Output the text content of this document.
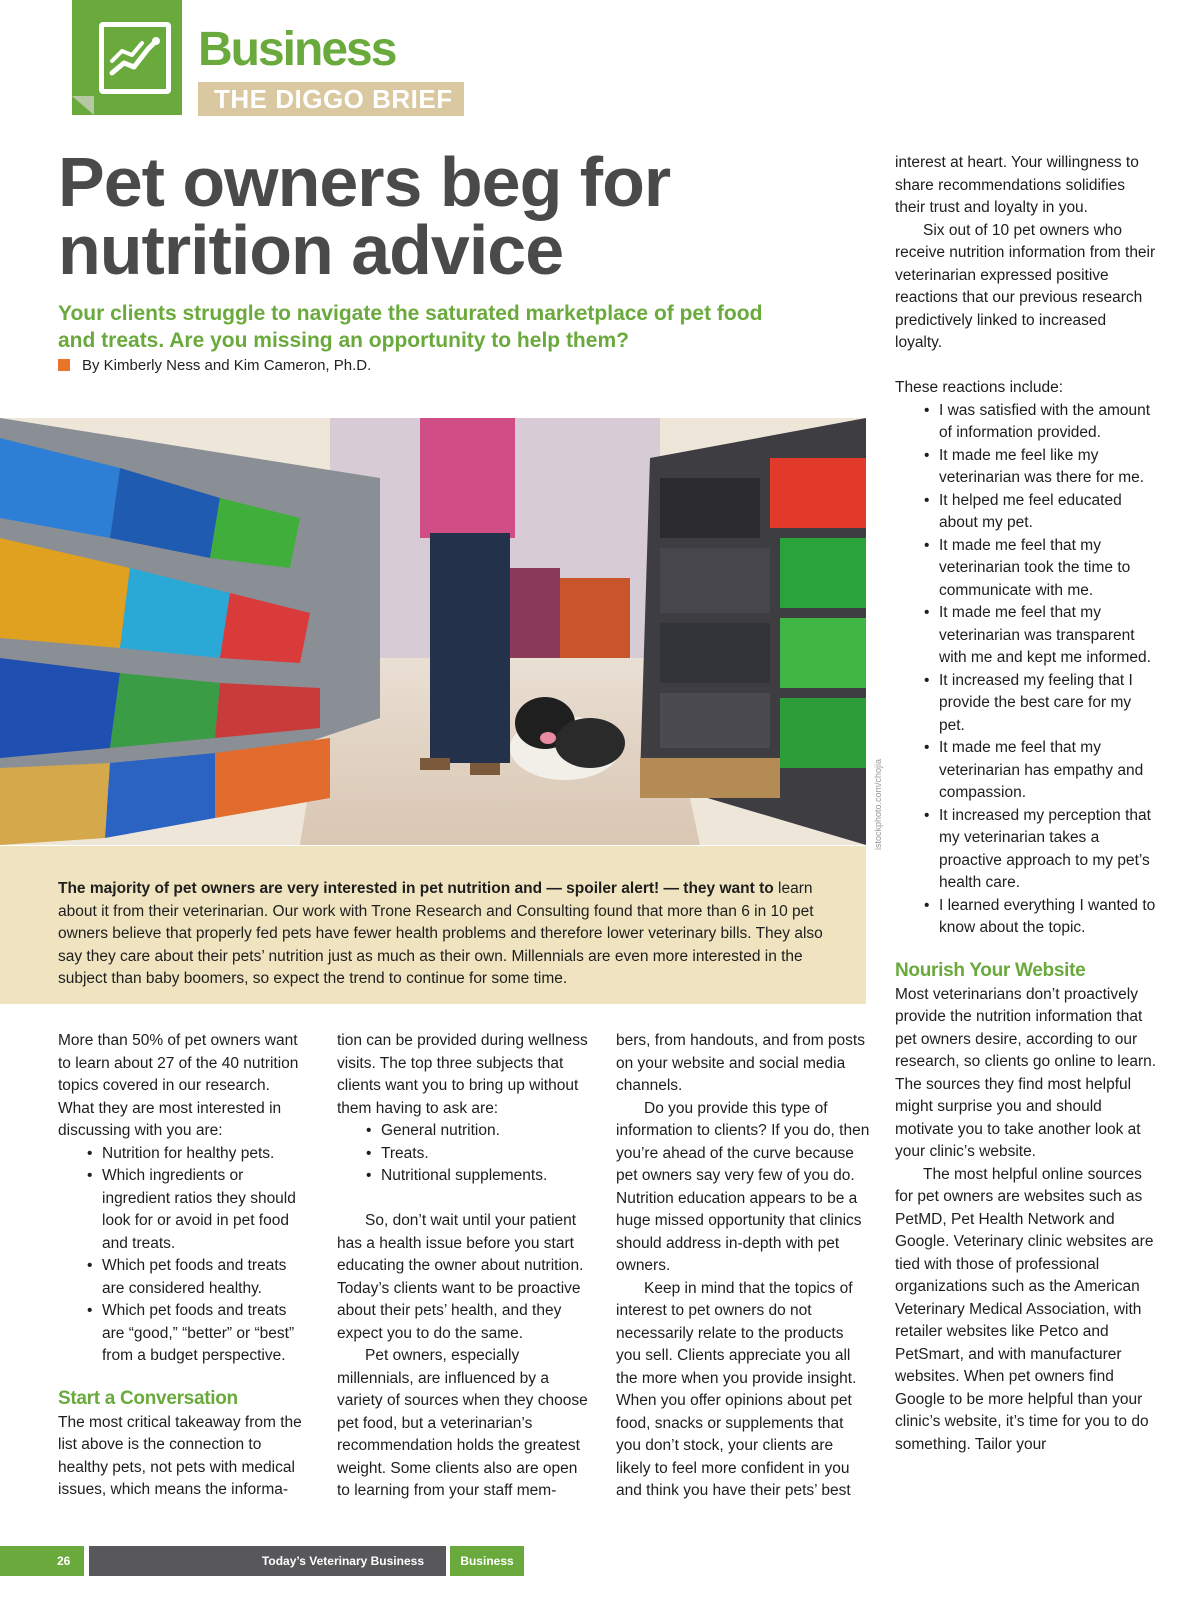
Business
THE DIGGO BRIEF
Pet owners beg for
nutrition advice
Your clients struggle to navigate the saturated marketplace of pet food and treats. Are you missing an opportunity to help them?
By Kimberly Ness and Kim Cameron, Ph.D.
istockphoto.com/chojia
The majority of pet owners are very interested in pet nutrition and — spoiler alert! — they want to learn about it from their veterinarian. Our work with Trone Research and Consulting found that more than 6 in 10 pet owners believe that properly fed pets have fewer health problems and therefore lower veterinary bills. They also say they care about their pets’ nutrition just as much as their own. Millennials are even more interested in the subject than baby boomers, so expect the trend to continue for some time.

More than 50% of pet owners want to learn about 27 of the 40 nutrition topics covered in our research. What they are most interested in discussing with you are:

• Nutrition for healthy pets.
• Which ingredients or ingredient ratios they should look for or avoid in pet food and treats.
• Which pet foods and treats are considered healthy.
• Which pet foods and treats are “good,” “better” or “best” from a budget perspective.
Start a Conversation

The most critical takeaway from the list above is the connection to healthy pets, not pets with medical issues, which means the informa-

tion can be provided during wellness visits. The top three subjects that clients want you to bring up without them having to ask are:

• General nutrition.
• Treats.
• Nutritional supplements.

So, don’t wait until your patient has a health issue before you start educating the owner about nutrition. Today’s clients want to be proactive about their pets’ health, and they expect you to do the same.

Pet owners, especially millennials, are influenced by a variety of sources when they choose pet food, but a veterinarian’s recommendation holds the greatest weight. Some clients also are open to learning from your staff mem-

bers, from handouts, and from posts on your website and social media channels.

Do you provide this type of information to clients? If you do, then you’re ahead of the curve because pet owners say very few of you do. Nutrition education appears to be a huge missed opportunity that clinics should address in-depth with pet owners.

Keep in mind that the topics of interest to pet owners do not necessarily relate to the products you sell. Clients appreciate you all the more when you provide insight. When you offer opinions about pet food, snacks or supplements that you don’t stock, your clients are likely to feel more confident in you and think you have their pets’ best

interest at heart. Your willingness to share recommendations solidifies their trust and loyalty in you.

Six out of 10 pet owners who receive nutrition information from their veterinarian expressed positive reactions that our previous research predictively linked to increased loyalty.

These reactions include:

• I was satisfied with the amount of information provided.
• It made me feel like my veterinarian was there for me.
• It helped me feel educated about my pet.
• It made me feel that my veterinarian took the time to communicate with me.
• It made me feel that my veterinarian was transparent with me and kept me informed.
• It increased my feeling that I provide the best care for my pet.
• It made me feel that my veterinarian has empathy and compassion.
• It increased my perception that my veterinarian takes a proactive approach to my pet’s health care.
• I learned everything I wanted to know about the topic.
Nourish Your Website

Most veterinarians don’t proactively provide the nutrition information that pet owners desire, according to our research, so clients go online to learn. The sources they find most helpful might surprise you and should motivate you to take another look at your clinic’s website.

The most helpful online sources for pet owners are websites such as PetMD, Pet Health Network and Google. Veterinary clinic websites are tied with those of professional organizations such as the American Veterinary Medical Association, with retailer websites like Petco and PetSmart, and with manufacturer websites. When pet owners find Google to be more helpful than your clinic’s website, it’s time for you to do something. Tailor your

26	Today’s Veterinary Business	Business
